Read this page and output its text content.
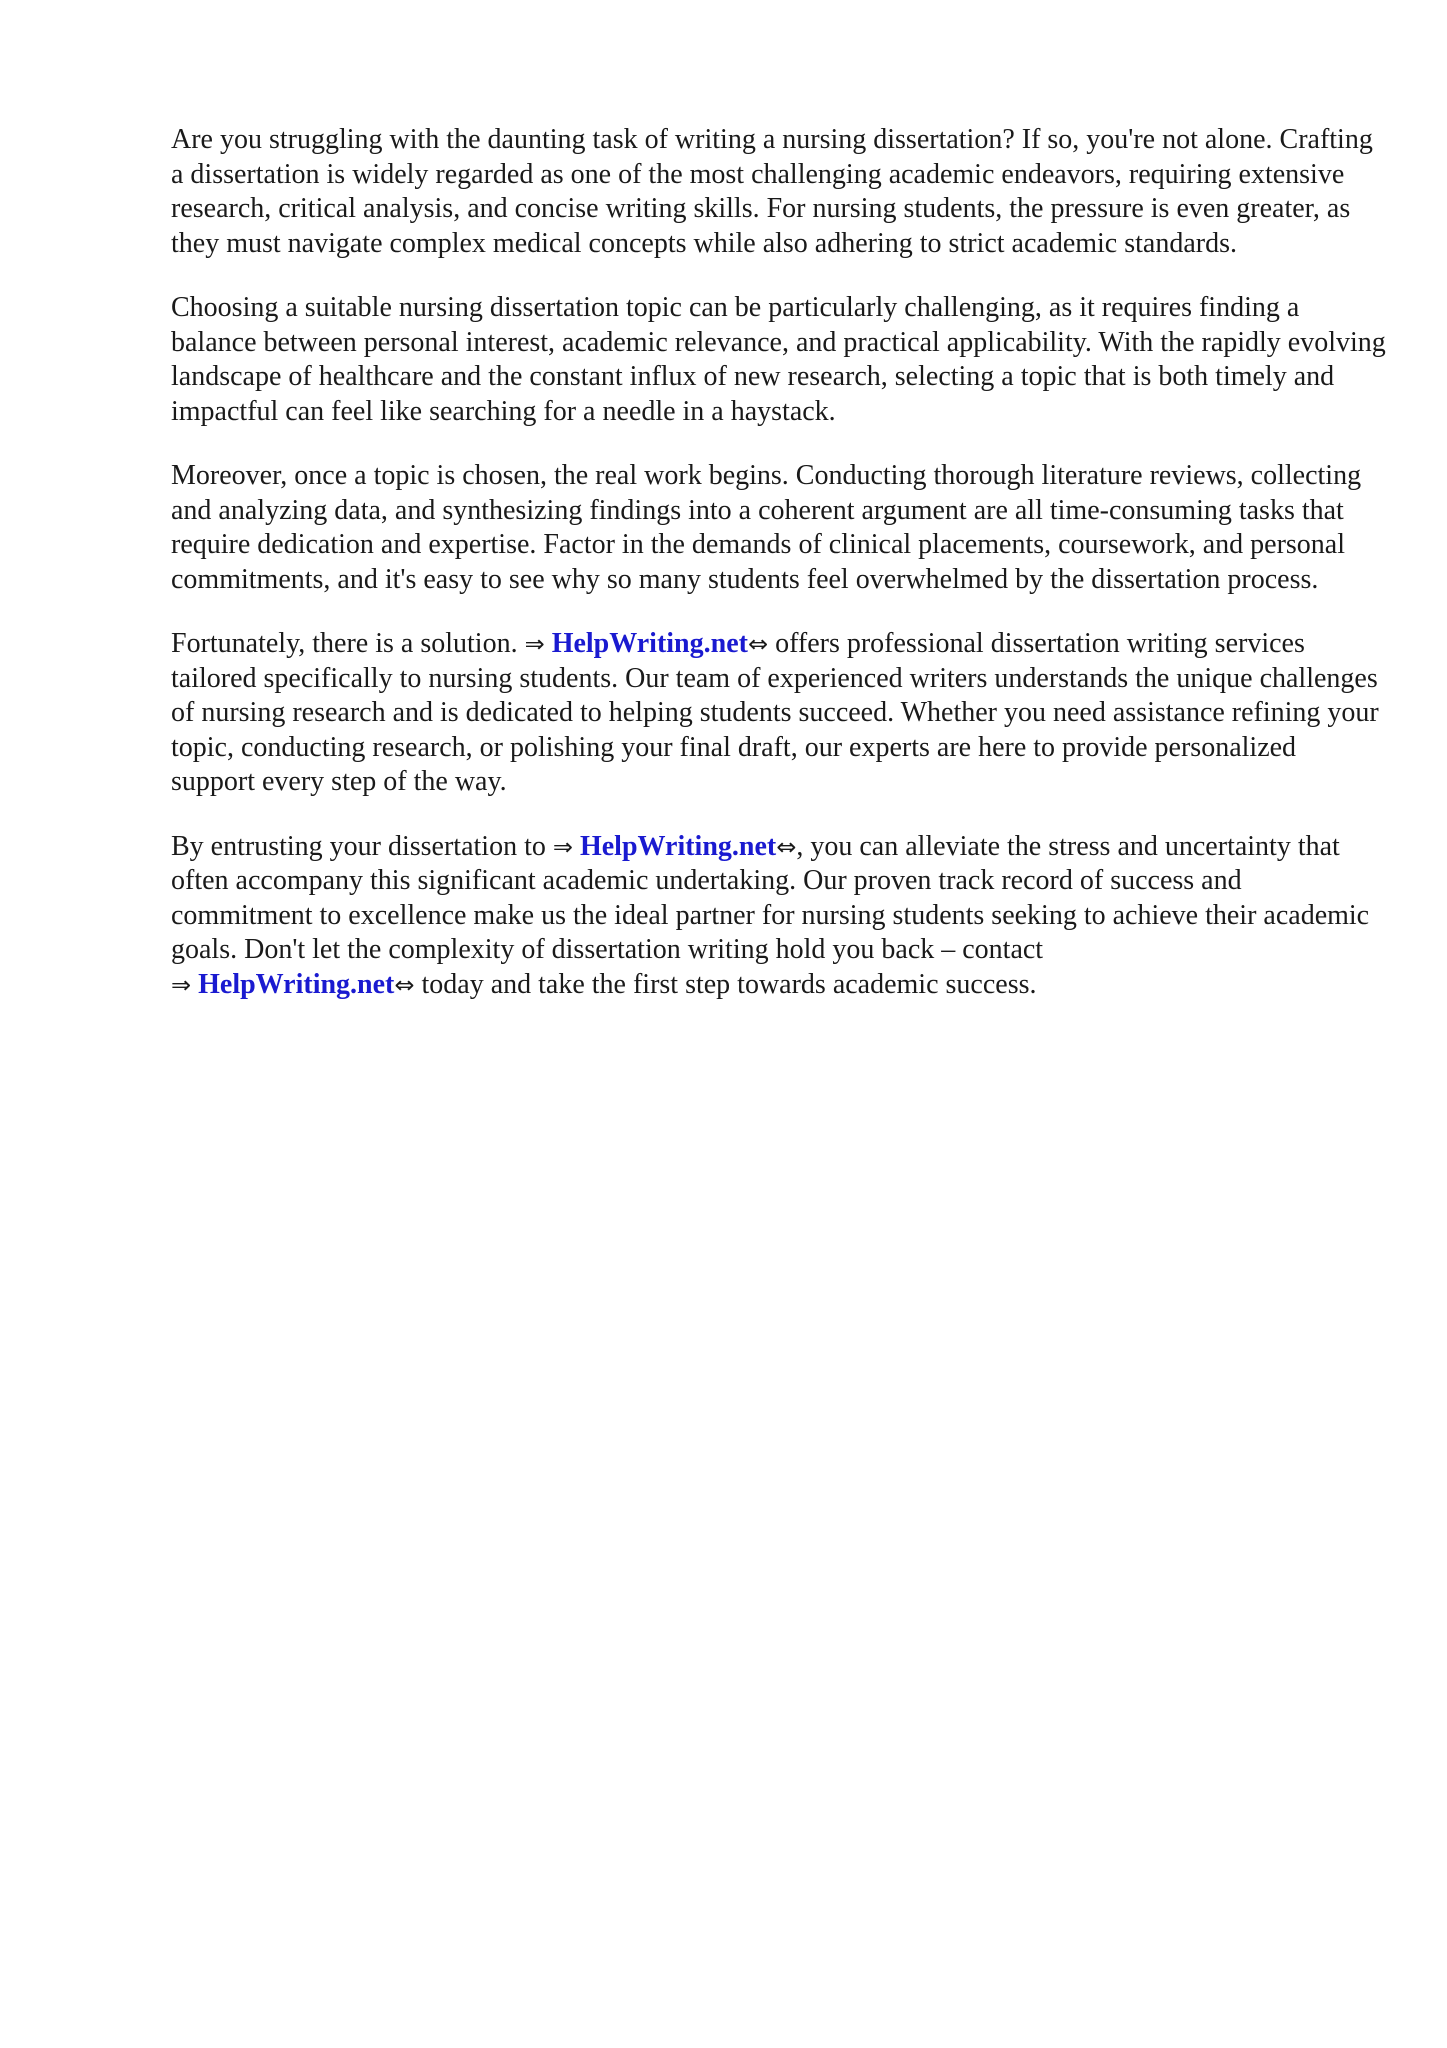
Are you struggling with the daunting task of writing a nursing dissertation? If so, you're not alone. Crafting a dissertation is widely regarded as one of the most challenging academic endeavors, requiring extensive research, critical analysis, and concise writing skills. For nursing students, the pressure is even greater, as they must navigate complex medical concepts while also adhering to strict academic standards.

Choosing a suitable nursing dissertation topic can be particularly challenging, as it requires finding a balance between personal interest, academic relevance, and practical applicability. With the rapidly evolving landscape of healthcare and the constant influx of new research, selecting a topic that is both timely and impactful can feel like searching for a needle in a haystack.

Moreover, once a topic is chosen, the real work begins. Conducting thorough literature reviews, collecting and analyzing data, and synthesizing findings into a coherent argument are all time-consuming tasks that require dedication and expertise. Factor in the demands of clinical placements, coursework, and personal commitments, and it's easy to see why so many students feel overwhelmed by the dissertation process.

Fortunately, there is a solution. ⇒ HelpWriting.net⇔ offers professional dissertation writing services tailored specifically to nursing students. Our team of experienced writers understands the unique challenges of nursing research and is dedicated to helping students succeed. Whether you need assistance refining your topic, conducting research, or polishing your final draft, our experts are here to provide personalized support every step of the way.

By entrusting your dissertation to ⇒ HelpWriting.net⇔, you can alleviate the stress and uncertainty that often accompany this significant academic undertaking. Our proven track record of success and commitment to excellence make us the ideal partner for nursing students seeking to achieve their academic goals. Don't let the complexity of dissertation writing hold you back – contact
⇒ HelpWriting.net⇔ today and take the first step towards academic success.
